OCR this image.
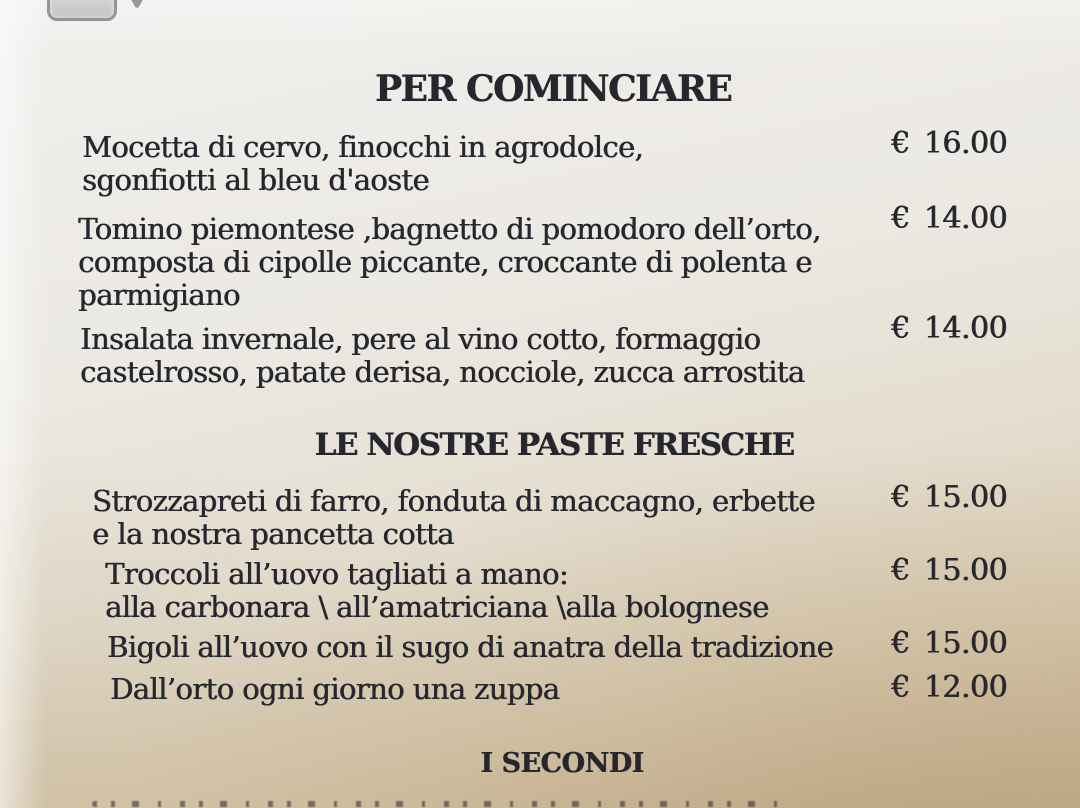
PER COMINCIARE
Mocetta di cervo, finocchi in agrodolce,
sgonfiotti al bleu d'aoste
€ 16.00
Tomino piemontese ,bagnetto di pomodoro dell’orto,
composta di cipolle piccante, croccante di polenta e
parmigiano
€ 14.00
Insalata invernale, pere al vino cotto, formaggio
castelrosso, patate derisa, nocciole, zucca arrostita
€ 14.00
LE NOSTRE PASTE FRESCHE
Strozzapreti di farro, fonduta di maccagno, erbette
e la nostra pancetta cotta
€ 15.00
Troccoli all’uovo tagliati a mano:
alla carbonara \ all’amatriciana \alla bolognese
€ 15.00
Bigoli all’uovo con il sugo di anatra della tradizione € 15.00
Dall’orto ogni giorno una zuppa	€ 12.00
I SECONDI
